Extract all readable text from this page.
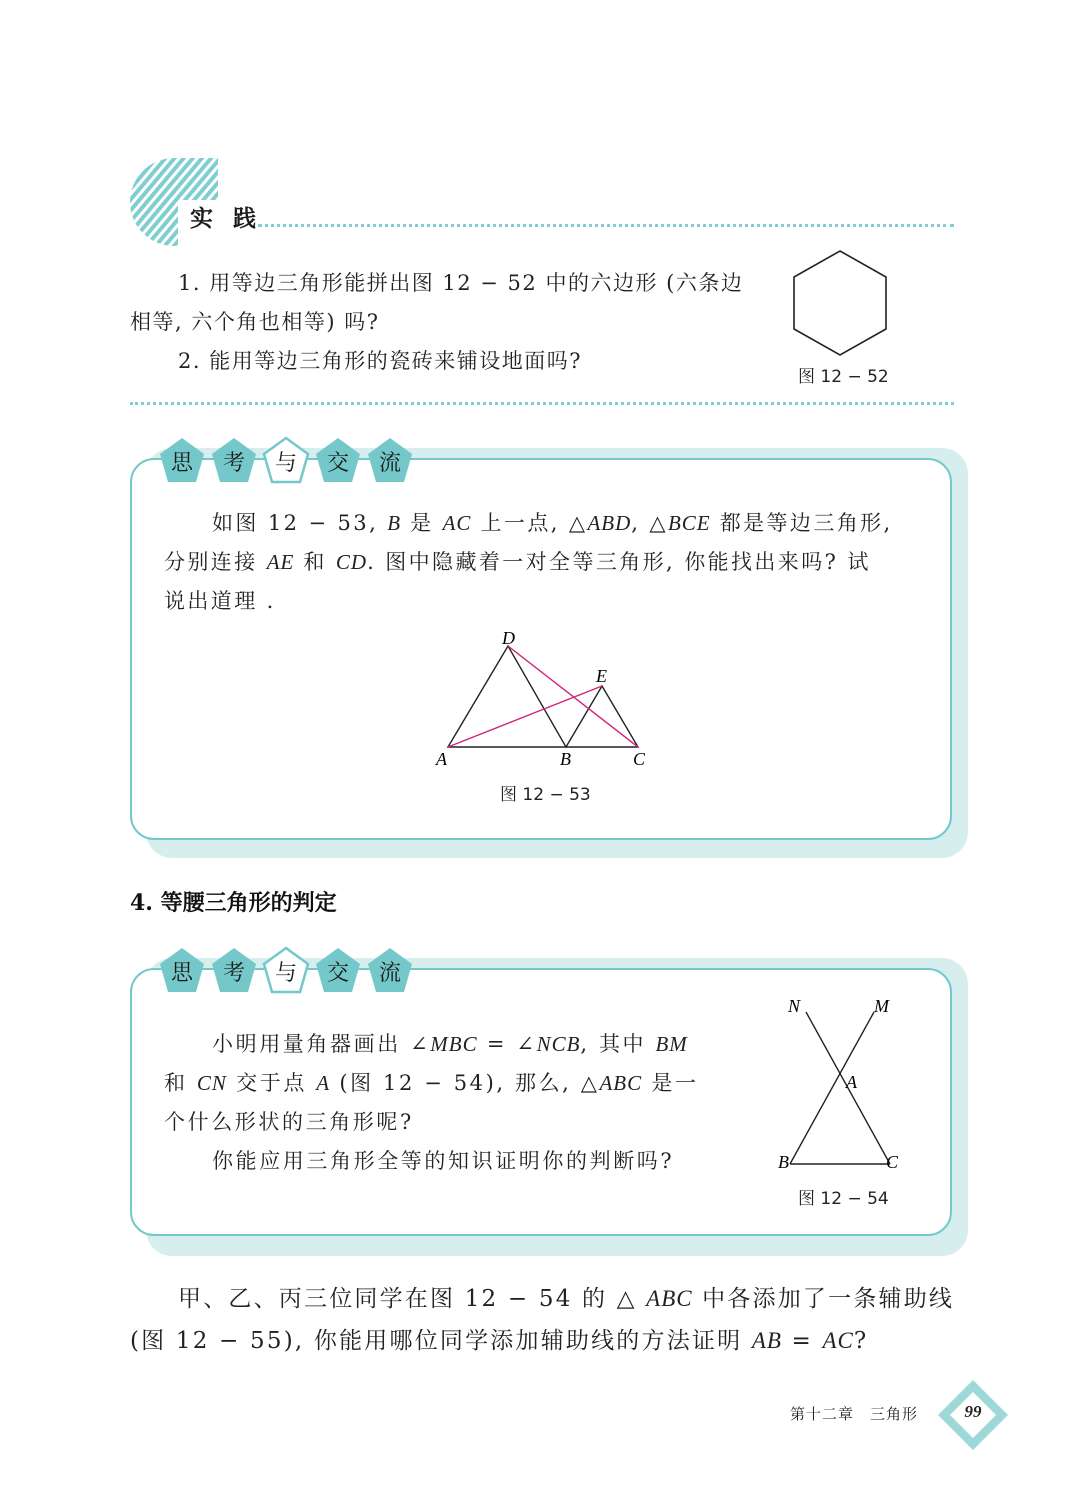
实 践
1. 用等边三角形能拼出图 12 − 52 中的六边形 (六条边
相等, 六个角也相等) 吗?
2. 能用等边三角形的瓷砖来铺设地面吗?
图 12 − 52
思	考	与	交	流
如图 12 − 53, B 是 AC 上一点, △ABD, △BCE 都是等边三角形,
分别连接 AE 和 CD. 图中隐藏着一对全等三角形, 你能找出来吗? 试
说出道理 .
D
E
A	B	C
图 12 − 53
4. 等腰三角形的判定
思	考	与	交	流
小明用量角器画出 ∠MBC = ∠NCB, 其中 BM
和 CN 交于点 A (图 12 − 54), 那么, △ABC 是一
个什么形状的三角形呢?
你能应用三角形全等的知识证明你的判断吗?
N	M
A
B	C
图 12 − 54
甲、乙、丙三位同学在图 12 − 54 的 △ ABC 中各添加了一条辅助线
(图 12 − 55), 你能用哪位同学添加辅助线的方法证明 AB = AC?
第十二章　三角形	99
